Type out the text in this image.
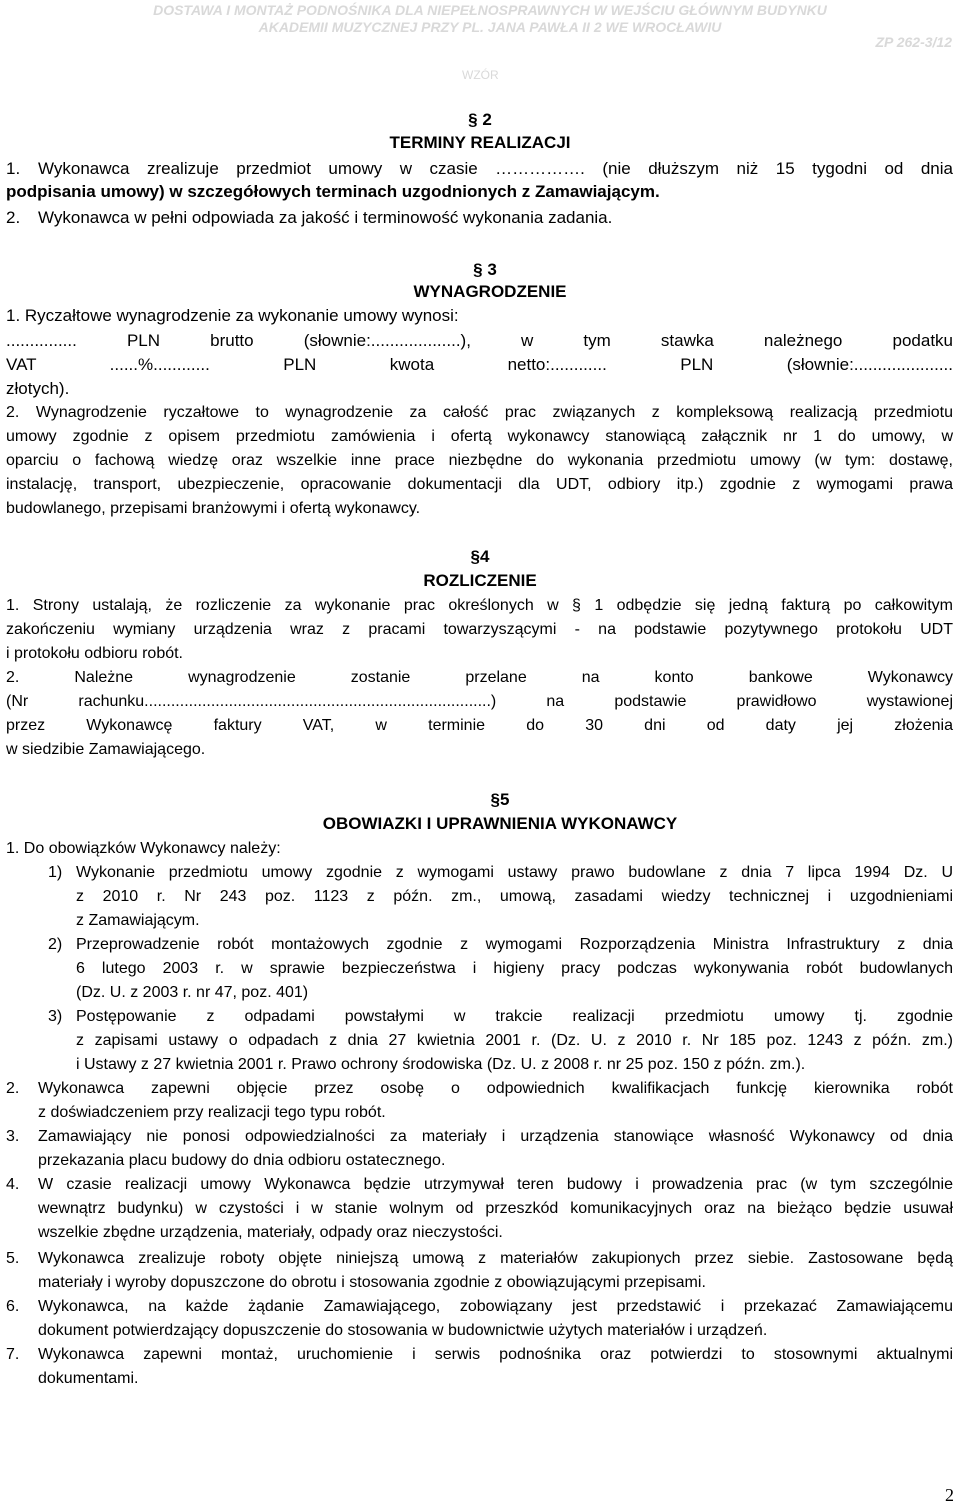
DOSTAWA I MONTAŻ PODNOŚNIKA DLA NIEPEŁNOSPRAWNYCH W WEJŚCIU GŁÓWNYM BUDYNKU
AKADEMII MUZYCZNEJ PRZY PL. JANA PAWŁA II 2 WE WROCŁAWIU
ZP 262-3/12
WZÓR
§ 2
TERMINY REALIZACJI
1. Wykonawca zrealizuje przedmiot umowy w czasie ……………. (nie dłuższym niż 15 tygodni od dnia
podpisania umowy) w szczegółowych terminach uzgodnionych z Zamawiającym.
2. Wykonawca w pełni odpowiada za jakość i terminowość wykonania zadania.
§ 3
WYNAGRODZENIE
1. Ryczałtowe wynagrodzenie za wykonanie umowy wynosi:
............... PLN brutto (słownie:...................), w tym stawka należnego podatku
VAT ......%............ PLN kwota netto:............ PLN (słownie:.....................
złotych).
2. Wynagrodzenie ryczałtowe to wynagrodzenie za całość prac związanych z kompleksową realizacją przedmiotu
umowy zgodnie z opisem przedmiotu zamówienia i ofertą wykonawcy stanowiącą załącznik nr 1 do umowy, w
oparciu o fachową wiedzę oraz wszelkie inne prace niezbędne do wykonania przedmiotu umowy (w tym: dostawę,
instalację, transport, ubezpieczenie, opracowanie dokumentacji dla UDT, odbiory itp.) zgodnie z wymogami prawa
budowlanego, przepisami branżowymi i ofertą wykonawcy.
§4
ROZLICZENIE
1. Strony ustalają, że rozliczenie za wykonanie prac określonych w § 1 odbędzie się jedną fakturą po całkowitym
zakończeniu wymiany urządzenia wraz z pracami towarzyszącymi - na podstawie pozytywnego protokołu UDT
i protokołu odbioru robót.
2. Należne wynagrodzenie zostanie przelane na konto bankowe Wykonawcy
(Nr rachunku..............................................................................) na podstawie prawidłowo wystawionej
przez Wykonawcę faktury VAT, w terminie do 30 dni od daty jej złożenia
w siedzibie Zamawiającego.
§5
OBOWIAZKI I UPRAWNIENIA WYKONAWCY
1. Do obowiązków Wykonawcy należy:
1) Wykonanie przedmiotu umowy zgodnie z wymogami ustawy prawo budowlane z dnia 7 lipca 1994 Dz. U
z 2010 r. Nr 243 poz. 1123 z późn. zm., umową, zasadami wiedzy technicznej i uzgodnieniami
z Zamawiającym.
2) Przeprowadzenie robót montażowych zgodnie z wymogami Rozporządzenia Ministra Infrastruktury z dnia
6 lutego 2003 r. w sprawie bezpieczeństwa i higieny pracy podczas wykonywania robót budowlanych
(Dz. U. z 2003 r. nr 47, poz. 401)
3) Postępowanie z odpadami powstałymi w trakcie realizacji przedmiotu umowy tj. zgodnie
z zapisami ustawy o odpadach z dnia 27 kwietnia 2001 r. (Dz. U. z 2010 r. Nr 185 poz. 1243 z późn. zm.)
i Ustawy z 27 kwietnia 2001 r. Prawo ochrony środowiska (Dz. U. z 2008 r. nr 25 poz. 150 z późn. zm.).
2. Wykonawca zapewni objęcie przez osobę o odpowiednich kwalifikacjach funkcję kierownika robót
z doświadczeniem przy realizacji tego typu robót.
3. Zamawiający nie ponosi odpowiedzialności za materiały i urządzenia stanowiące własność Wykonawcy od dnia
przekazania placu budowy do dnia odbioru ostatecznego.
4. W czasie realizacji umowy Wykonawca będzie utrzymywał teren budowy i prowadzenia prac (w tym szczególnie
wewnątrz budynku) w czystości i w stanie wolnym od przeszkód komunikacyjnych oraz na bieżąco będzie usuwał
wszelkie zbędne urządzenia, materiały, odpady oraz nieczystości.
5. Wykonawca zrealizuje roboty objęte niniejszą umową z materiałów zakupionych przez siebie. Zastosowane będą
materiały i wyroby dopuszczone do obrotu i stosowania zgodnie z obowiązującymi przepisami.
6. Wykonawca, na każde żądanie Zamawiającego, zobowiązany jest przedstawić i przekazać Zamawiającemu
dokument potwierdzający dopuszczenie do stosowania w budownictwie użytych materiałów i urządzeń.
7. Wykonawca zapewni montaż, uruchomienie i serwis podnośnika oraz potwierdzi to stosownymi aktualnymi
dokumentami.
2
